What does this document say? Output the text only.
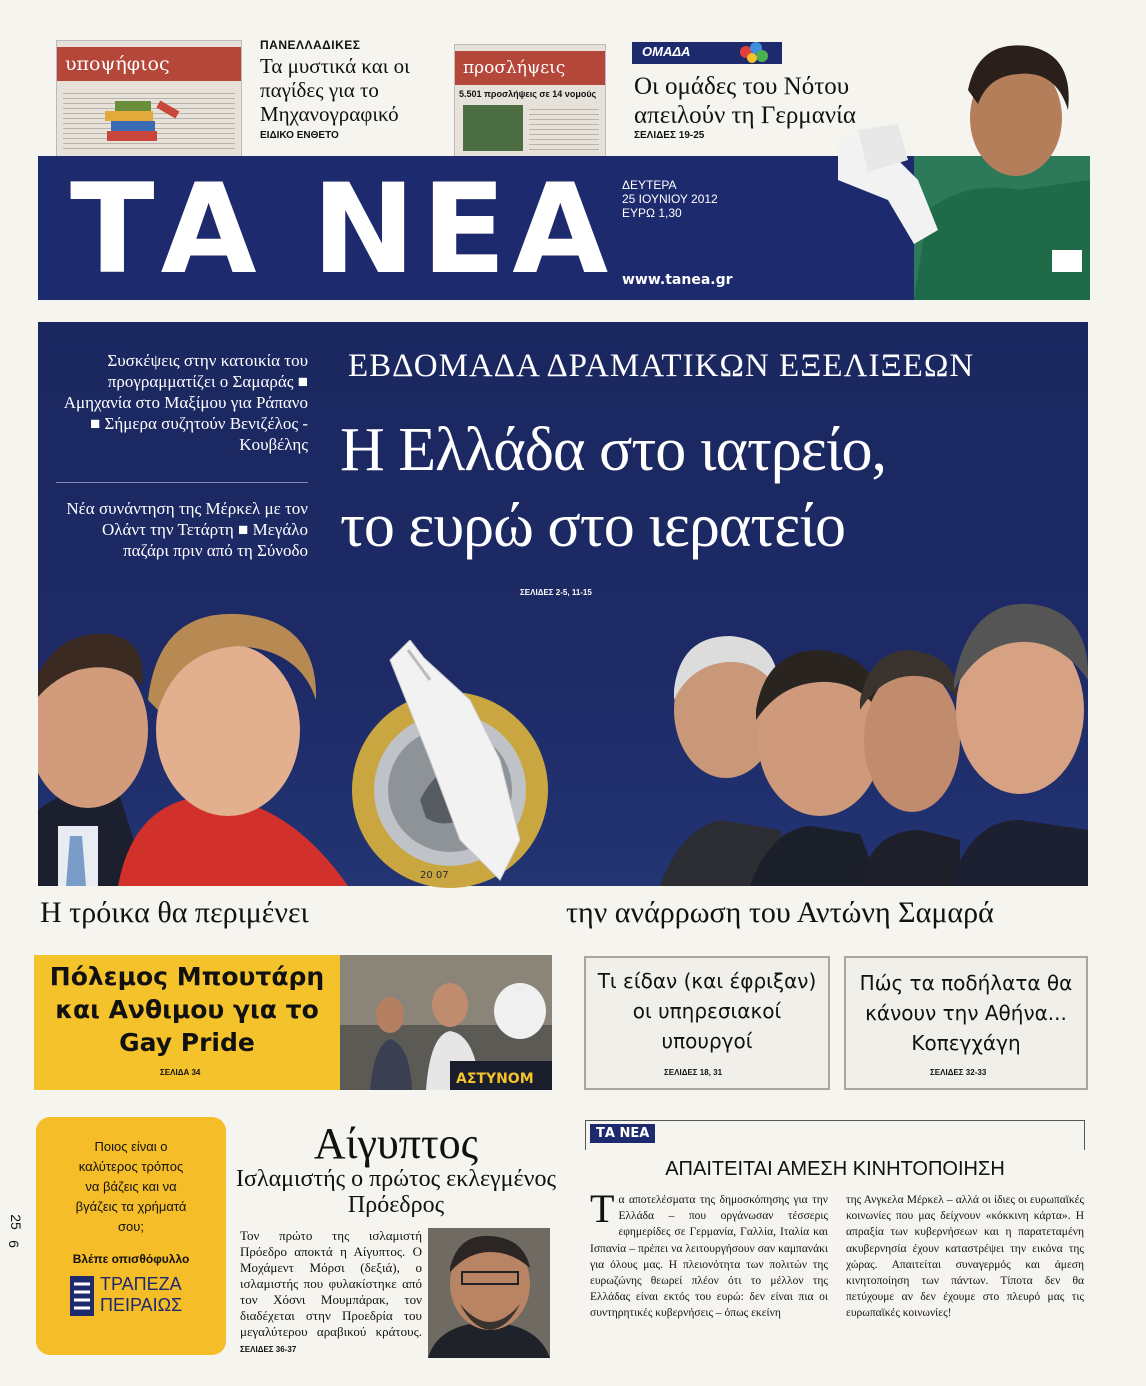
υποψήφιος
ΠΑΝΕΛΛΑΔΙΚΕΣ
Τα μυστικά και οι παγίδες για το Μηχανογραφικό
ΕΙΔΙΚΟ ΕΝΘΕΤΟ
προσλήψεις
5.501 προσλήψεις σε 14 νομούς
ΟΜΑΔΑ
Οι ομάδες του Νότου απειλούν τη Γερμανία
ΣΕΛΙΔΕΣ 19-25
ΤΑ ΝΕΑ ΔΕΥΤΕΡΑ
25 ΙΟΥΝΙΟΥ 2012
ΕΥΡΩ 1,30
www.tanea.gr
Συσκέψεις στην κατοικία του προγραμματίζει ο Σαμαράς ■ Αμηχανία στο Μαξίμου για Ράπανο ■ Σήμερα συζητούν Βενιζέλος - Κουβέλης
Νέα συνάντηση της Μέρκελ με τον Ολάντ την Τετάρτη ■ Μεγάλο παζάρι πριν από τη Σύνοδο
ΕΒΔΟΜΑΔΑ ΔΡΑΜΑΤΙΚΩΝ ΕΞΕΛΙΞΕΩΝ
Η Ελλάδα στο ιατρείο,
το ευρώ στο ιερατείο
ΣΕΛΙΔΕΣ 2-5, 11-15
20 07
Η τρόικα θα περιμένει	την ανάρρωση του Αντώνη Σαμαρά
Πόλεμος Μπουτάρη και Ανθιμου για το Gay Pride
ΣΕΛΙΔΑ 34	ΑΣΤΥΝΟΜ
Τι είδαν (και έφριξαν) οι υπηρεσιακοί υπουργοί
ΣΕΛΙΔΕΣ 18, 31
Πώς τα ποδήλατα θα κάνουν την Αθήνα... Κοπεγχάγη
ΣΕΛΙΔΕΣ 32-33
Ποιος είναι ο καλύτερος τρόπος να βάζεις και να βγάζεις τα χρήματά σου;
Βλέπε οπισθόφυλλο
ΤΡΑΠΕΖΑ
ΠΕΙΡΑΙΩΣ
Αίγυπτος
Ισλαμιστής ο πρώτος εκλεγμένος Πρόεδρος
Τον πρώτο της ισλαμιστή Πρόεδρο αποκτά η Αίγυπτος. Ο Μοχάμεντ Μόρσι (δεξιά), ο ισλαμιστής που φυλακίστηκε από τον Χόσνι Μουμπάρακ, τον διαδέχεται στην Προεδρία του μεγαλύτερου αραβικού κράτους. ΣΕΛΙΔΕΣ 36-37
ΤΑ ΝΕΑ
ΑΠΑΙΤΕΙΤΑΙ ΑΜΕΣΗ ΚΙΝΗΤΟΠΟΙΗΣΗ
Τα αποτελέσματα της δημοσκόπησης για την Ελλάδα – που οργάνωσαν τέσσερις εφημερίδες σε Γερμανία, Γαλλία, Ιταλία και Ισπανία – πρέπει να λειτουργήσουν σαν καμπανάκι για όλους μας. Η πλειονότητα των πολιτών της ευρωζώνης θεωρεί πλέον ότι το μέλλον της Ελλάδας είναι εκτός του ευρώ: δεν είναι πια οι συντηρητικές κυβερνήσεις – όπως εκείνη
της Ανγκελα Μέρκελ – αλλά οι ίδιες οι ευρωπαϊκές κοινωνίες που μας δείχνουν «κόκκινη κάρτα». Η απραξία των κυβερνήσεων και η παρατεταμένη ακυβερνησία έχουν καταστρέψει την εικόνα της χώρας. Απαιτείται συναγερμός και άμεση κινητοποίηση των πάντων. Τίποτα δεν θα πετύχουμε αν δεν έχουμε στο πλευρό μας τις ευρωπαϊκές κοινωνίες!
25
6
